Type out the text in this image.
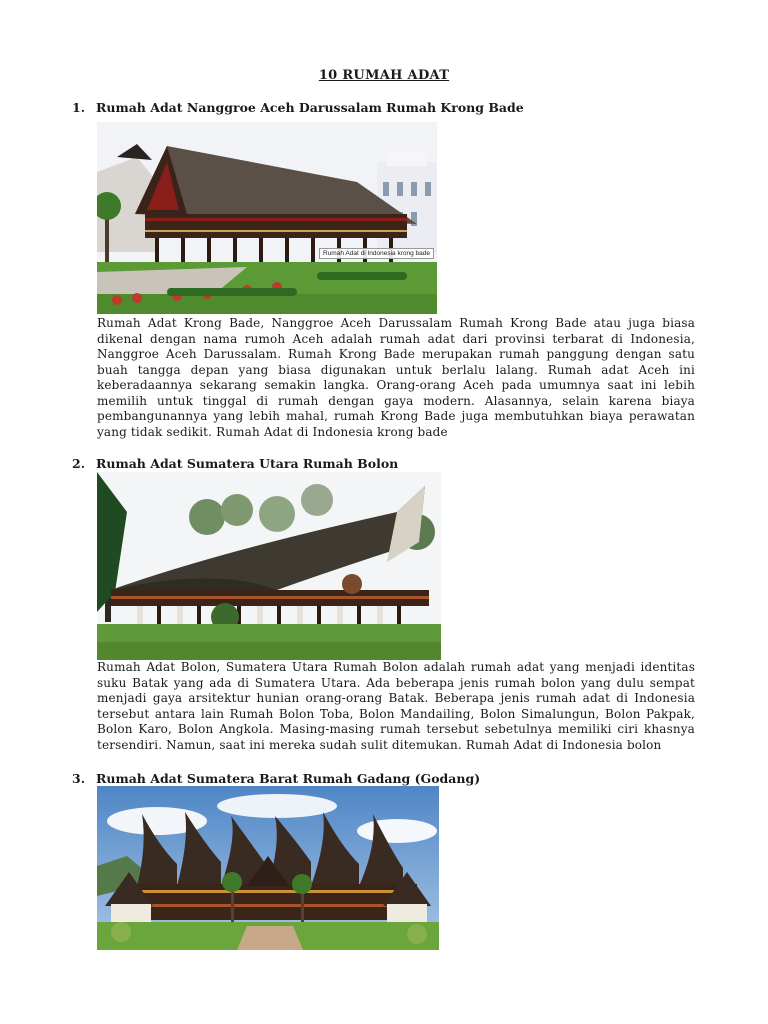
10 RUMAH ADAT
1. Rumah Adat Nanggroe Aceh Darussalam Rumah Krong Bade
Rumah Adat di Indonesia krong bade
Rumah Adat Krong Bade, Nanggroe Aceh Darussalam Rumah Krong Bade atau juga biasa dikenal dengan nama rumoh Aceh adalah rumah adat dari provinsi terbarat di Indonesia, Nanggroe Aceh Darussalam. Rumah Krong Bade merupakan rumah panggung dengan satu buah tangga depan yang biasa digunakan untuk berlalu lalang. Rumah adat Aceh ini keberadaannya sekarang semakin langka. Orang-orang Aceh pada umumnya saat ini lebih memilih untuk tinggal di rumah dengan gaya modern. Alasannya, selain karena biaya pembangunannya yang lebih mahal, rumah Krong Bade juga membutuhkan biaya perawatan yang tidak sedikit. Rumah Adat di Indonesia krong bade
2. Rumah Adat Sumatera Utara Rumah Bolon
Rumah Adat Bolon, Sumatera Utara Rumah Bolon adalah rumah adat yang menjadi identitas suku Batak yang ada di Sumatera Utara. Ada beberapa jenis rumah bolon yang dulu sempat menjadi gaya arsitektur hunian orang-orang Batak. Beberapa jenis rumah adat di Indonesia tersebut antara lain Rumah Bolon Toba, Bolon Mandailing, Bolon Simalungun, Bolon Pakpak, Bolon Karo, Bolon Angkola. Masing-masing rumah tersebut sebetulnya memiliki ciri khasnya tersendiri. Namun, saat ini mereka sudah sulit ditemukan. Rumah Adat di Indonesia bolon
3. Rumah Adat Sumatera Barat Rumah Gadang (Godang)
